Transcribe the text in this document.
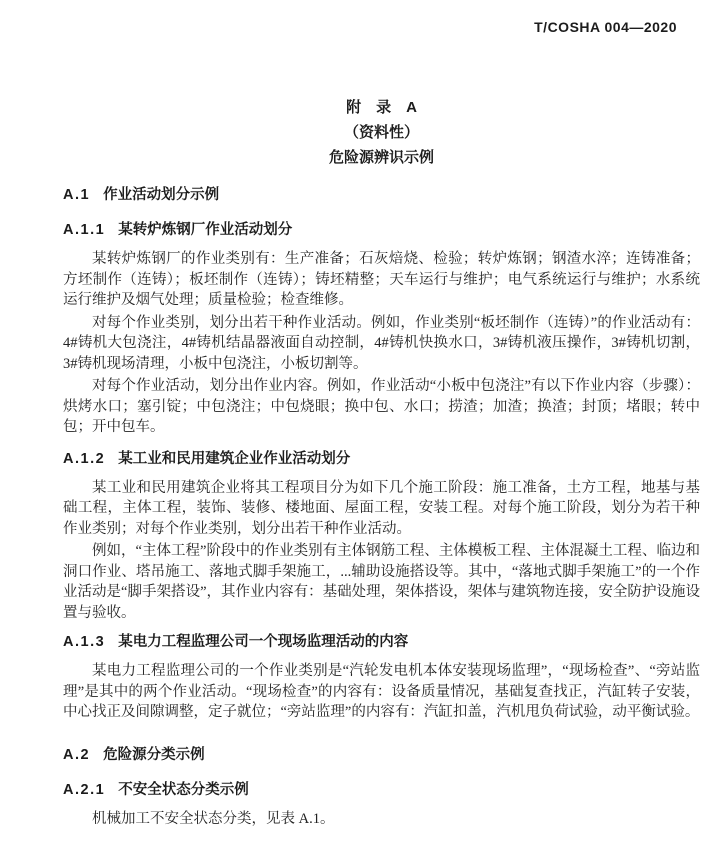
T/COSHA 004—2020
附　录　A
（资料性）
危险源辨识示例
A.1 作业活动划分示例
A.1.1 某转炉炼钢厂作业活动划分

某转炉炼钢厂的作业类别有：生产准备；石灰焙烧、检验；转炉炼钢；钢渣水淬；连铸准备；方坯制作（连铸）；板坯制作（连铸）；铸坯精整；天车运行与维护；电气系统运行与维护；水系统运行维护及烟气处理；质量检验；检查维修。

对每个作业类别，划分出若干种作业活动。例如，作业类别“板坯制作（连铸）”的作业活动有：4#铸机大包浇注，4#铸机结晶器液面自动控制，4#铸机快换水口，3#铸机液压操作，3#铸机切割，3#铸机现场清理，小板中包浇注，小板切割等。

对每个作业活动，划分出作业内容。例如，作业活动“小板中包浇注”有以下作业内容（步骤）：烘烤水口；塞引锭；中包浇注；中包烧眼；换中包、水口；捞渣；加渣；换渣；封顶；堵眼；转中包；开中包车。

A.1.2 某工业和民用建筑企业作业活动划分

某工业和民用建筑企业将其工程项目分为如下几个施工阶段：施工准备，土方工程，地基与基础工程，主体工程，装饰、装修、楼地面、屋面工程，安装工程。对每个施工阶段，划分为若干种作业类别；对每个作业类别，划分出若干种作业活动。

例如，“主体工程”阶段中的作业类别有主体钢筋工程、主体模板工程、主体混凝土工程、临边和洞口作业、塔吊施工、落地式脚手架施工，...辅助设施搭设等。其中，“落地式脚手架施工”的一个作业活动是“脚手架搭设”，其作业内容有：基础处理，架体搭设，架体与建筑物连接，安全防护设施设置与验收。

A.1.3 某电力工程监理公司一个现场监理活动的内容

某电力工程监理公司的一个作业类别是“汽轮发电机本体安装现场监理”，“现场检查”、“旁站监理”是其中的两个作业活动。“现场检查”的内容有：设备质量情况，基础复查找正，汽缸转子安装，中心找正及间隙调整，定子就位；“旁站监理”的内容有：汽缸扣盖，汽机甩负荷试验，动平衡试验。

A.2 危险源分类示例
A.2.1 不安全状态分类示例

机械加工不安全状态分类，见表 A.1。
